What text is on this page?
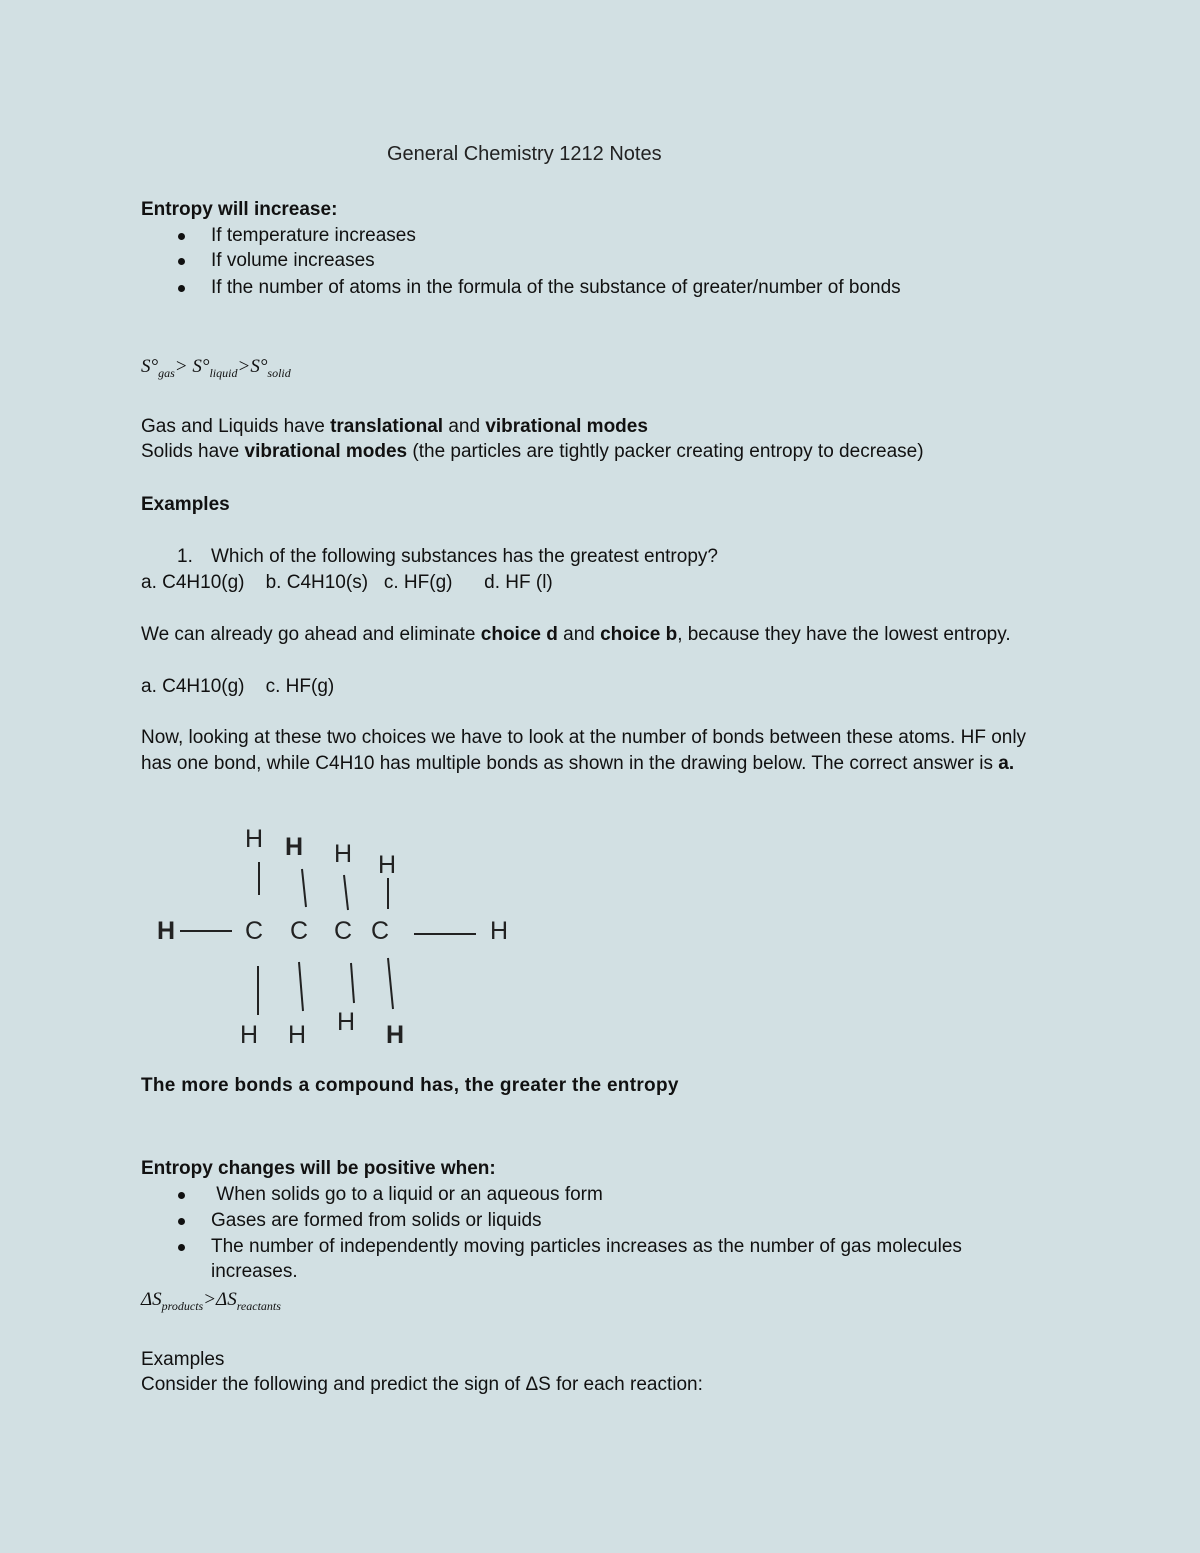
General Chemistry 1212 Notes
Entropy will increase:
If temperature increases
If volume increases
If the number of atoms in the formula of the substance of greater/number of bonds
$S^\circ_{gas}> S^\circ_{liquid}>S^\circ_{solid}$
Gas and Liquids have translational and vibrational modes
Solids have vibrational modes (the particles are tightly packer creating entropy to decrease)
Examples
1. Which of the following substances has the greatest entropy?
a. C4H10(g)    b. C4H10(s)   c. HF(g)      d. HF (l)
We can already go ahead and eliminate choice d and choice b, because they have the lowest entropy.
a. C4H10(g)    c. HF(g)
Now, looking at these two choices we have to look at the number of bonds between these atoms. HF only
has one bond, while C4H10 has multiple bonds as shown in the drawing below. The correct answer is a.
H	C C C C	H
H H H H
H H H H
The more bonds a compound has, the greater the entropy
Entropy changes will be positive when:
When solids go to a liquid or an aqueous form
Gases are formed from solids or liquids
The number of independently moving particles increases as the number of gas molecules
increases.
$\Delta S_{products}>\Delta S_{reactants}$
Examples
Consider the following and predict the sign of ΔS for each reaction:
